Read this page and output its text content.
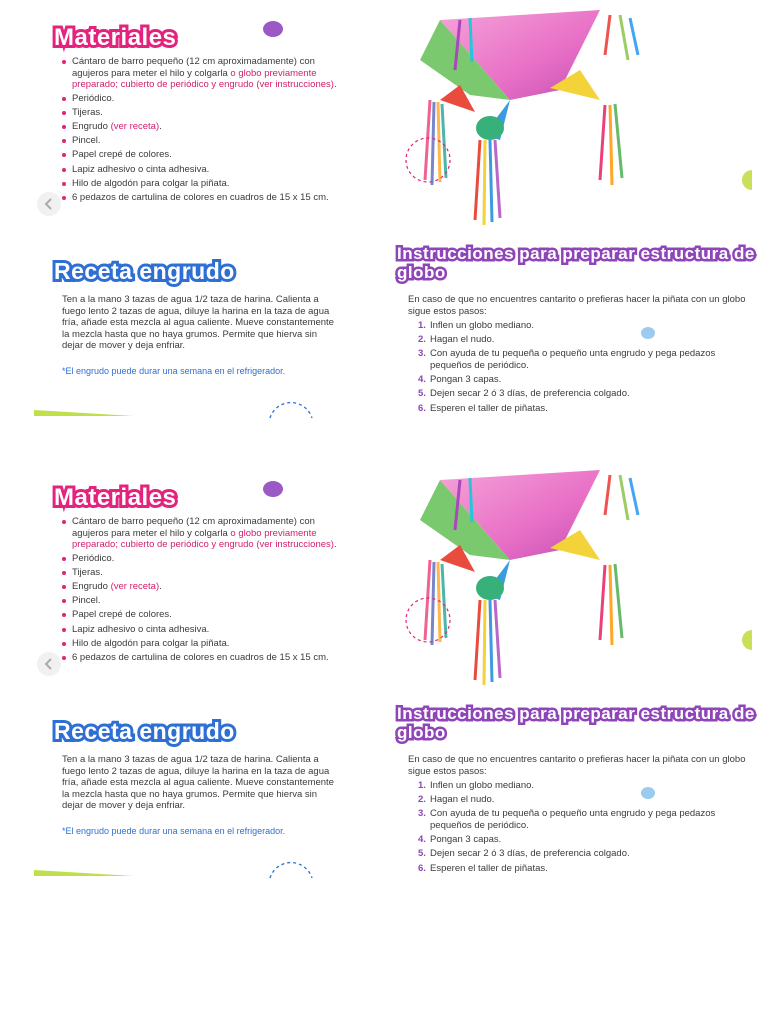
Materiales
Cántaro de barro pequeño (12 cm aproximadamente) con agujeros para meter el hilo y colgarla o globo previamente preparado; cubierto de periódico y engrudo (ver instrucciones).
Periódico.
Tijeras.
Engrudo (ver receta).
Pincel.
Papel crepé de colores.
Lapiz adhesivo o cinta adhesiva.
Hilo de algodón para colgar la piñata.
6 pedazos de cartulina de colores en cuadros de 15 x 15 cm.
Receta engrudo

Ten a la mano 3 tazas de agua 1/2 taza de harina. Calienta a fuego lento 2 tazas de agua, diluye la harina en la taza de agua fría, añade esta mezcla al agua caliente. Mueve constantemente la mezcla hasta que no haya grumos. Permite que hierva sin dejar de mover y deja enfriar.

*El engrudo puede durar una semana en el refrigerador.

Instrucciones para preparar estructura de globo

En caso de que no encuentres cantarito o prefieras hacer la piñata con un globo sigue estos pasos:

1. Inflen un globo mediano.
2. Hagan el nudo.
3. Con ayuda de tu pequeña o pequeño unta engrudo y pega pedazos pequeños de periódico.
4. Pongan 3 capas.
5. Dejen secar 2 ó 3 días, de preferencia colgado.
6. Esperen el taller de piñatas.
Materiales
Cántaro de barro pequeño (12 cm aproximadamente) con agujeros para meter el hilo y colgarla o globo previamente preparado; cubierto de periódico y engrudo (ver instrucciones).
Periódico.
Tijeras.
Engrudo (ver receta).
Pincel.
Papel crepé de colores.
Lapiz adhesivo o cinta adhesiva.
Hilo de algodón para colgar la piñata.
6 pedazos de cartulina de colores en cuadros de 15 x 15 cm.
Receta engrudo

Ten a la mano 3 tazas de agua 1/2 taza de harina. Calienta a fuego lento 2 tazas de agua, diluye la harina en la taza de agua fría, añade esta mezcla al agua caliente. Mueve constantemente la mezcla hasta que no haya grumos. Permite que hierva sin dejar de mover y deja enfriar.

*El engrudo puede durar una semana en el refrigerador.

Instrucciones para preparar estructura de globo

En caso de que no encuentres cantarito o prefieras hacer la piñata con un globo sigue estos pasos:

1. Inflen un globo mediano.
2. Hagan el nudo.
3. Con ayuda de tu pequeña o pequeño unta engrudo y pega pedazos pequeños de periódico.
4. Pongan 3 capas.
5. Dejen secar 2 ó 3 días, de preferencia colgado.
6. Esperen el taller de piñatas.
